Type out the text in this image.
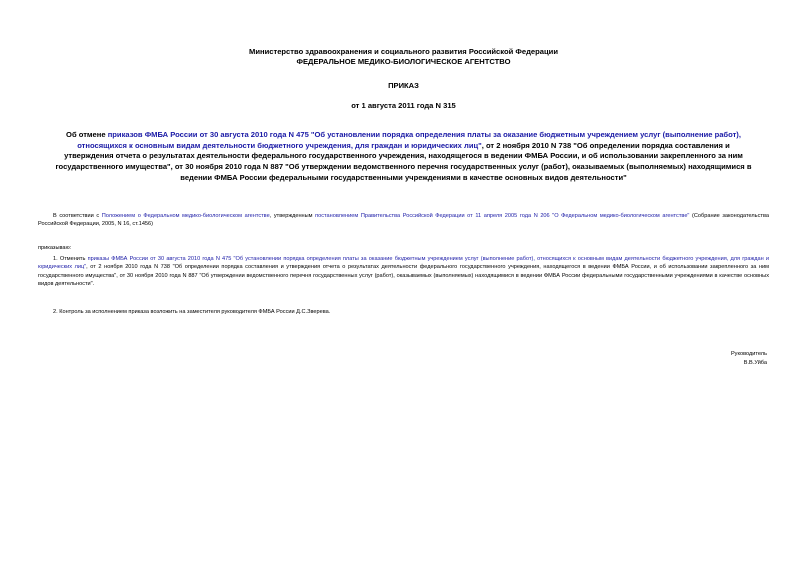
Министерство здравоохранения и социального развития Российской Федерации
ФЕДЕРАЛЬНОЕ МЕДИКО-БИОЛОГИЧЕСКОЕ АГЕНТСТВО
ПРИКАЗ
от 1 августа 2011 года N 315
Об отмене приказов ФМБА России от 30 августа 2010 года N 475 "Об установлении порядка определения платы за оказание бюджетным учреждением услуг (выполнение работ), относящихся к основным видам деятельности бюджетного учреждения, для граждан и юридических лиц", от 2 ноября 2010 N 738 "Об определении порядка составления и утверждения отчета о результатах деятельности федерального государственного учреждения, находящегося в ведении ФМБА России, и об использовании закрепленного за ним государственного имущества", от 30 ноября 2010 года N 887 "Об утверждении ведомственного перечня государственных услуг (работ), оказываемых (выполняемых) находящимися в ведении ФМБА России федеральными государственными учреждениями в качестве основных видов деятельности"
В соответствии с Положением о Федеральном медико-биологическом агентстве, утвержденным постановлением Правительства Российской Федерации от 11 апреля 2005 года N 206 "О Федеральном медико-биологическом агентстве" (Собрание законодательства Российской Федерации, 2005, N 16, ст.1456)
приказываю:
1. Отменить приказы ФМБА России от 30 августа 2010 года N 475 "Об установлении порядка определения платы за оказание бюджетным учреждением услуг (выполнение работ), относящихся к основным видам деятельности бюджетного учреждения, для граждан и юридических лиц", от 2 ноября 2010 года N 738 "Об определении порядка составления и утверждения отчета о результатах деятельности федерального государственного учреждения, находящегося в ведении ФМБА России, и об использовании закрепленного за ним государственного имущества", от 30 ноября 2010 года N 887 "Об утверждении ведомственного перечня государственных услуг (работ), оказываемых (выполняемых) находящимися в ведении ФМБА России федеральными государственными учреждениями в качестве основных видов деятельности".
2. Контроль за исполнением приказа возложить на заместителя руководителя ФМБА России Д.С.Зверева.
Руководитель
В.В.Уйба
